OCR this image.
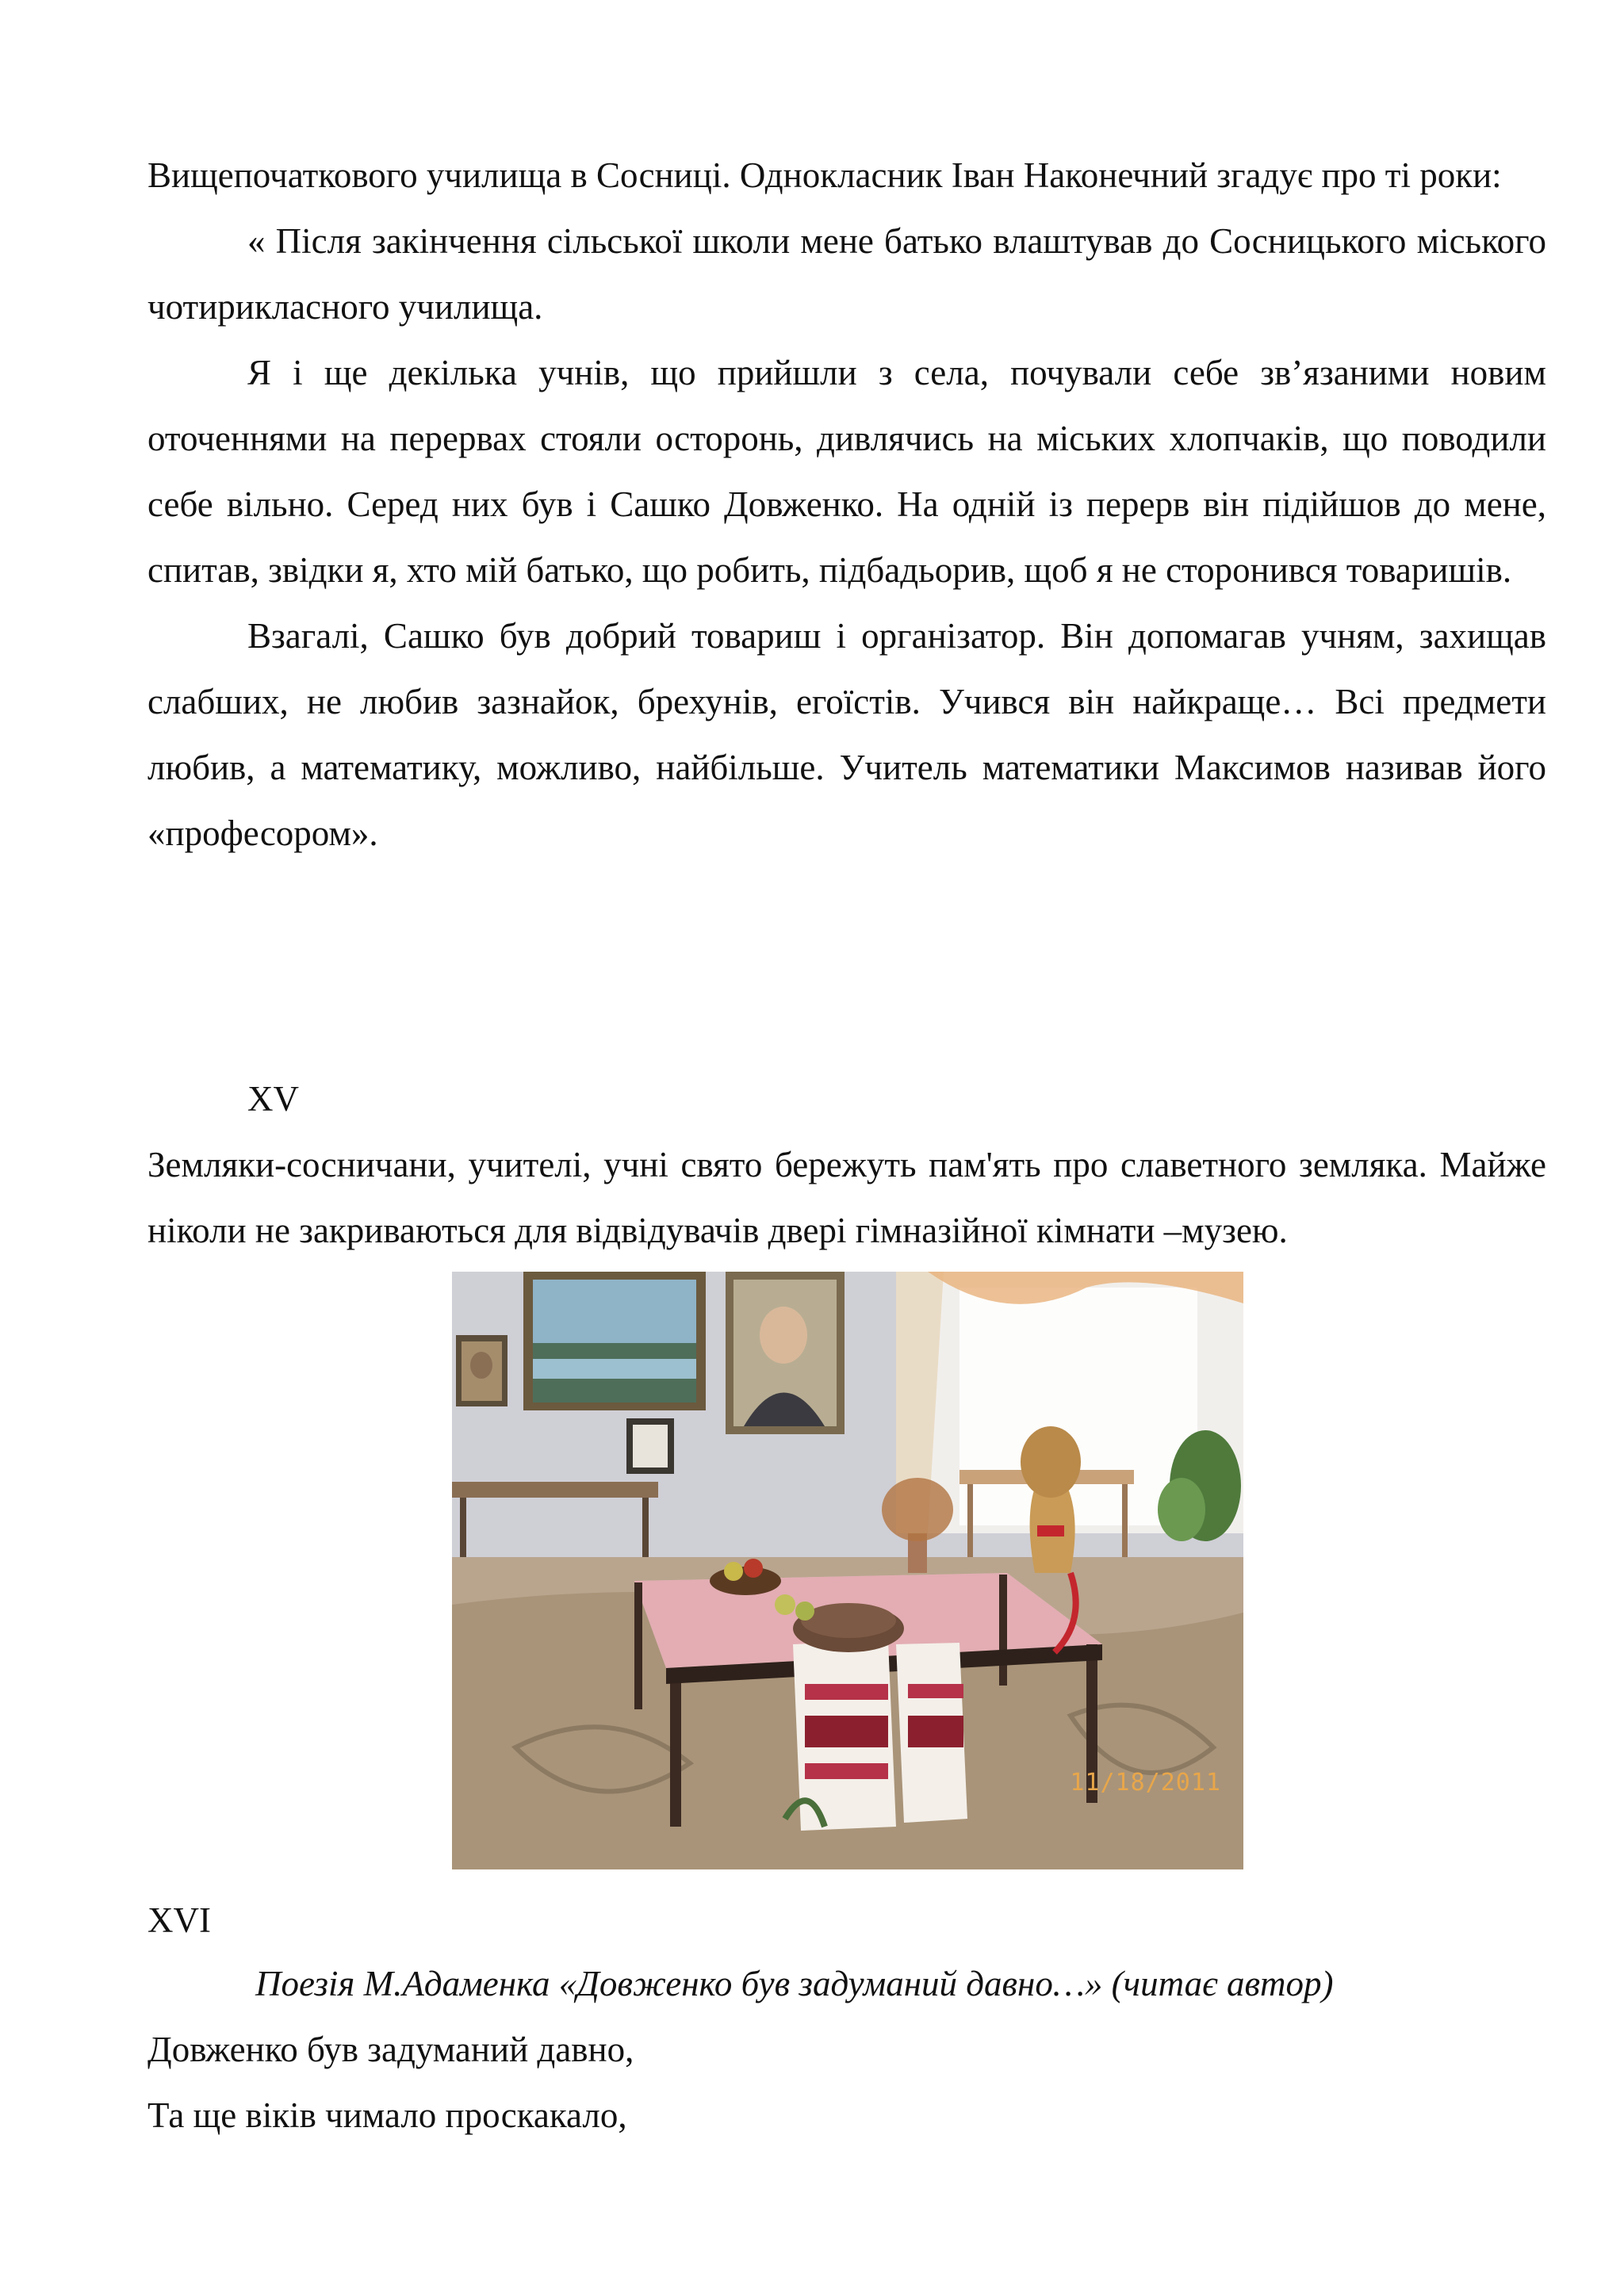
Вищепочаткового училища в Сосниці. Однокласник Іван Наконечний згадує про ті роки:

« Після закінчення сільської школи мене батько влаштував до Сосницького міського чотирикласного училища.

Я і ще декілька учнів, що прийшли з села, почували себе зв’язаними новим оточеннями на перервах стояли осторонь, дивлячись на міських хлопчаків, що поводили себе вільно. Серед них був і Сашко Довженко. На одній із перерв він підійшов до мене, спитав, звідки я, хто мій батько, що робить, підбадьорив, щоб я не сторонився товаришів.

Взагалі, Сашко був добрий товариш і організатор. Він допомагав учням, захищав слабших, не любив зазнайок, брехунів, егоїстів. Учився він найкраще… Всі предмети любив, а математику, можливо, найбільше. Учитель математики Максимов називав його «професором».

XV

Земляки-сосничани, учителі, учні свято бережуть пам'ять про славетного земляка. Майже ніколи не закриваються для відвідувачів двері гімназійної кімнати –музею.

11/18/2011
XVI
Поезія М.Адаменка «Довженко був задуманий давно…» (читає автор)
Довженко був задуманий давно,
Та ще віків чимало проскакало,
